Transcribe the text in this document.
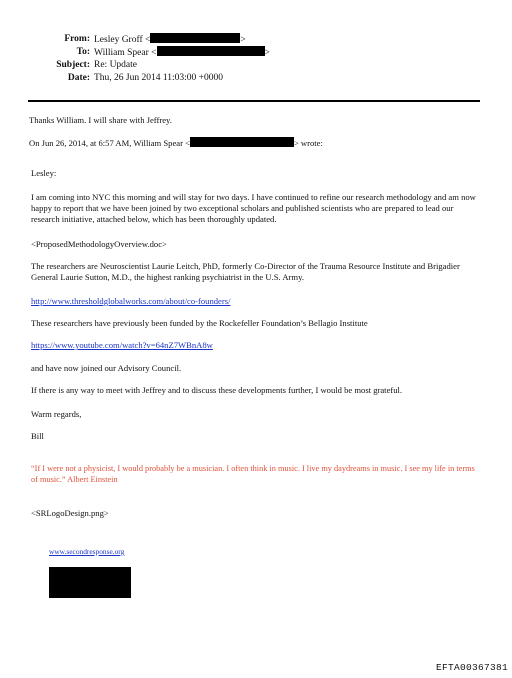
From: Lesley Groff <	>
To: William Spear <	>
Subject: Re: Update
Date: Thu, 26 Jun 2014 11:03:00 +0000
Thanks William. I will share with Jeffrey.
On Jun 26, 2014, at 6:57 AM, William Spear <	> wrote:
Lesley:
I am coming into NYC this morning and will stay for two days. I have continued to refine our research methodology and am now happy to report that we have been joined by two exceptional scholars and published scientists who are prepared to lead our research initiative, attached below, which has been thoroughly updated.
<ProposedMethodologyOverview.doc>
The researchers are Neuroscientist Laurie Leitch, PhD, formerly Co-Director of the Trauma Resource Institute and Brigadier General Laurie Sutton, M.D., the highest ranking psychiatrist in the U.S. Army.
http://www.thresholdglobalworks.com/about/co-founders/
These researchers have previously been funded by the Rockefeller Foundation’s Bellagio Institute
https://www.youtube.com/watch?v=64nZ7WBnA8w
and have now joined our Advisory Council.
If there is any way to meet with Jeffrey and to discuss these developments further, I would be most grateful.
Warm regards,
Bill
“If I were not a physicist, I would probably be a musician. I often think in music. I live my daydreams in music. I see my life in terms of music.” Albert Einstein
<SRLogoDesign.png>
www.secondresponse.org
EFTA00367381
